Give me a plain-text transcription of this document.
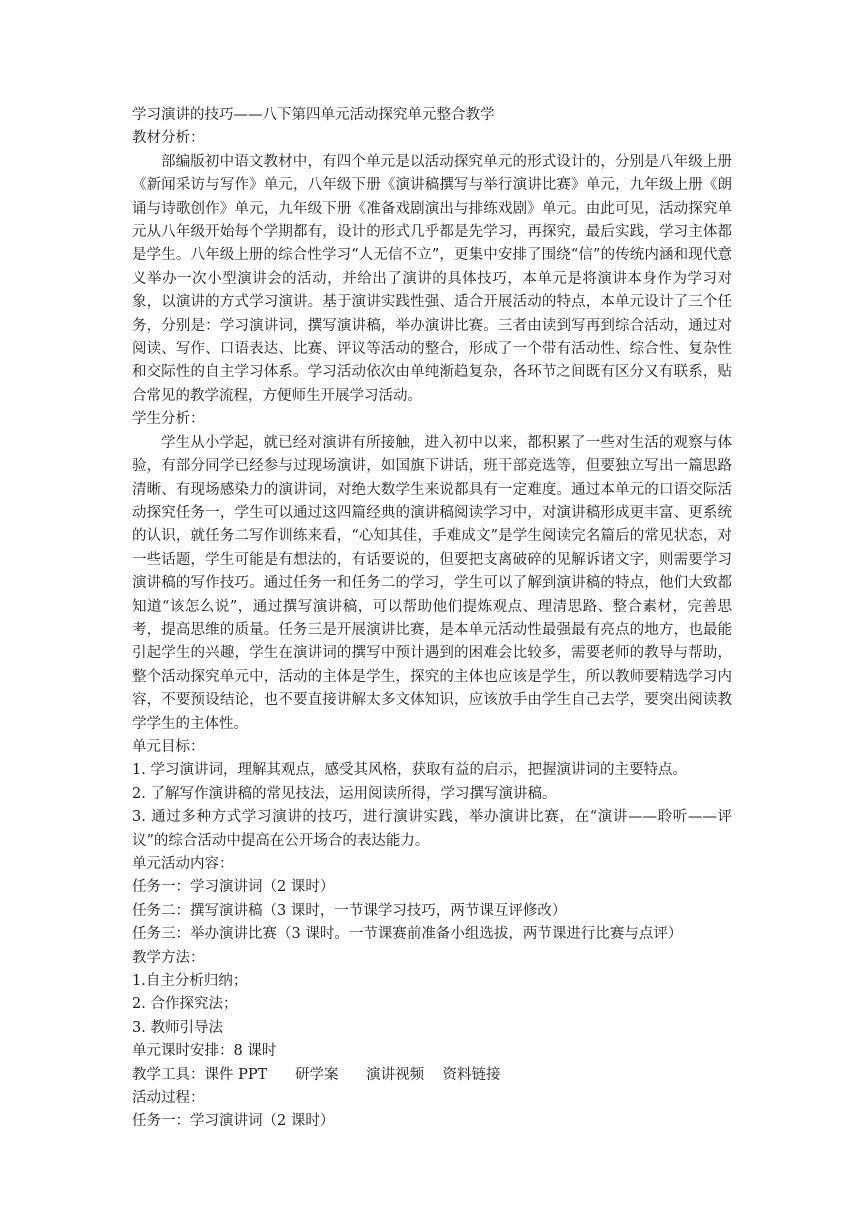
学习演讲的技巧——八下第四单元活动探究单元整合教学
教材分析：

部编版初中语文教材中，有四个单元是以活动探究单元的形式设计的，分别是八年级上册《新闻采访与写作》单元，八年级下册《演讲稿撰写与举行演讲比赛》单元，九年级上册《朗诵与诗歌创作》单元，九年级下册《准备戏剧演出与排练戏剧》单元。由此可见，活动探究单元从八年级开始每个学期都有，设计的形式几乎都是先学习，再探究，最后实践，学习主体都是学生。八年级上册的综合性学习“人无信不立”，更集中安排了围绕“信”的传统内涵和现代意义举办一次小型演讲会的活动，并给出了演讲的具体技巧，本单元是将演讲本身作为学习对象，以演讲的方式学习演讲。基于演讲实践性强、适合开展活动的特点，本单元设计了三个任务，分别是：学习演讲词，撰写演讲稿，举办演讲比赛。三者由读到写再到综合活动，通过对阅读、写作、口语表达、比赛、评议等活动的整合，形成了一个带有活动性、综合性、复杂性和交际性的自主学习体系。学习活动依次由单纯渐趋复杂，各环节之间既有区分又有联系，贴合常见的教学流程，方便师生开展学习活动。

学生分析：

学生从小学起，就已经对演讲有所接触，进入初中以来，都积累了一些对生活的观察与体验，有部分同学已经参与过现场演讲，如国旗下讲话，班干部竞选等，但要独立写出一篇思路清晰、有现场感染力的演讲词，对绝大数学生来说都具有一定难度。通过本单元的口语交际活动探究任务一，学生可以通过这四篇经典的演讲稿阅读学习中，对演讲稿形成更丰富、更系统的认识，就任务二写作训练来看，“心知其佳，手难成文”是学生阅读完名篇后的常见状态，对一些话题，学生可能是有想法的，有话要说的，但要把支离破碎的见解诉诸文字，则需要学习演讲稿的写作技巧。通过任务一和任务二的学习，学生可以了解到演讲稿的特点，他们大致都知道“该怎么说”，通过撰写演讲稿，可以帮助他们提炼观点、理清思路、整合素材，完善思考，提高思维的质量。任务三是开展演讲比赛，是本单元活动性最强最有亮点的地方，也最能引起学生的兴趣，学生在演讲词的撰写中预计遇到的困难会比较多，需要老师的教导与帮助，整个活动探究单元中，活动的主体是学生，探究的主体也应该是学生，所以教师要精选学习内容，不要预设结论，也不要直接讲解太多文体知识，应该放手由学生自己去学，要突出阅读教学学生的主体性。

单元目标：
1. 学习演讲词，理解其观点，感受其风格，获取有益的启示，把握演讲词的主要特点。
2. 了解写作演讲稿的常见技法，运用阅读所得，学习撰写演讲稿。
3. 通过多种方式学习演讲的技巧，进行演讲实践，举办演讲比赛，在“演讲——聆听——评议”的综合活动中提高在公开场合的表达能力。
单元活动内容：
任务一：学习演讲词（2 课时）
任务二：撰写演讲稿（3 课时，一节课学习技巧，两节课互评修改）
任务三：举办演讲比赛（3 课时。一节课赛前准备小组选拔，两节课进行比赛与点评）
教学方法：
1.自主分析归纳；
2. 合作探究法；
3. 教师引导法
单元课时安排：8 课时
教学工具：课件 PPT      研学案      演讲视频    资料链接
活动过程：
任务一：学习演讲词（2 课时）
